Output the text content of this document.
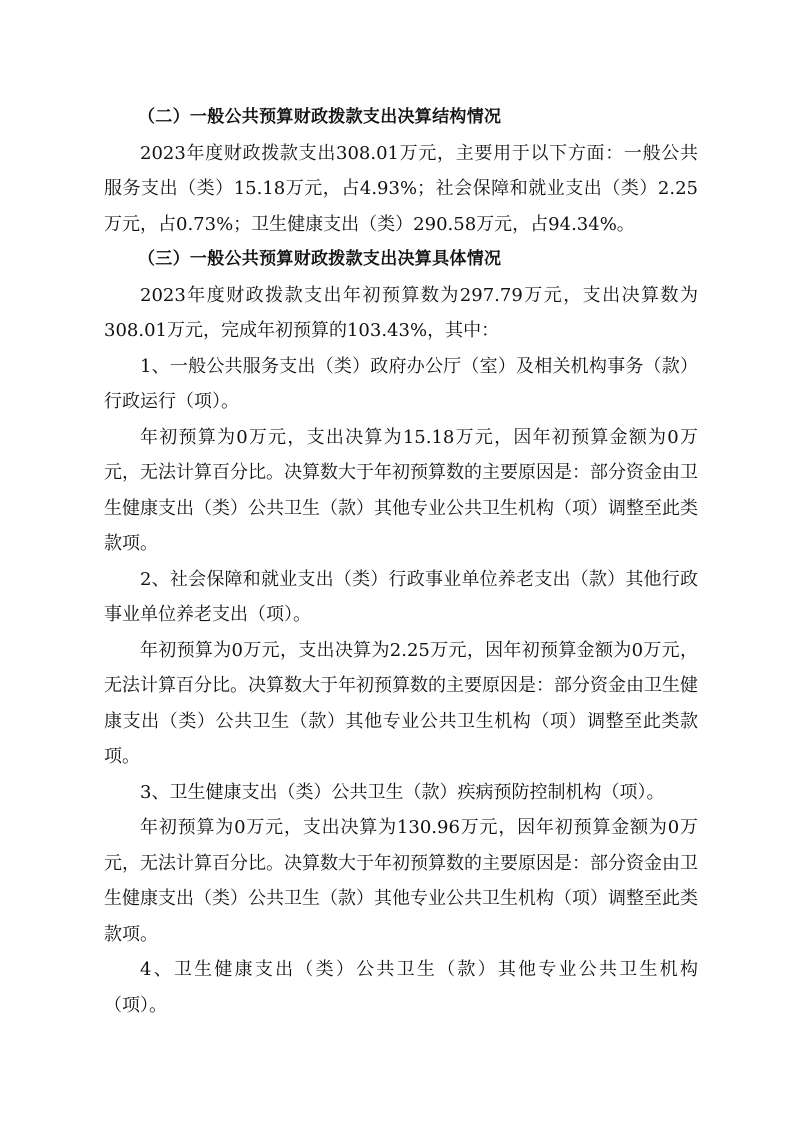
（二）一般公共预算财政拨款支出决算结构情况

2023年度财政拨款支出308.01万元，主要用于以下方面：一般公共服务支出（类）15.18万元，占4.93%；社会保障和就业支出（类）2.25万元，占0.73%；卫生健康支出（类）290.58万元，占94.34%。

（三）一般公共预算财政拨款支出决算具体情况

2023年度财政拨款支出年初预算数为297.79万元，支出决算数为308.01万元，完成年初预算的103.43%，其中：

1、一般公共服务支出（类）政府办公厅（室）及相关机构事务（款）行政运行（项）。

年初预算为0万元，支出决算为15.18万元，因年初预算金额为0万元，无法计算百分比。决算数大于年初预算数的主要原因是：部分资金由卫生健康支出（类）公共卫生（款）其他专业公共卫生机构（项）调整至此类款项。

2、社会保障和就业支出（类）行政事业单位养老支出（款）其他行政事业单位养老支出（项）。

年初预算为0万元，支出决算为2.25万元，因年初预算金额为0万元，无法计算百分比。决算数大于年初预算数的主要原因是：部分资金由卫生健康支出（类）公共卫生（款）其他专业公共卫生机构（项）调整至此类款项。

3、卫生健康支出（类）公共卫生（款）疾病预防控制机构（项）。

年初预算为0万元，支出决算为130.96万元，因年初预算金额为0万元，无法计算百分比。决算数大于年初预算数的主要原因是：部分资金由卫生健康支出（类）公共卫生（款）其他专业公共卫生机构（项）调整至此类款项。

4、卫生健康支出（类）公共卫生（款）其他专业公共卫生机构（项）。
